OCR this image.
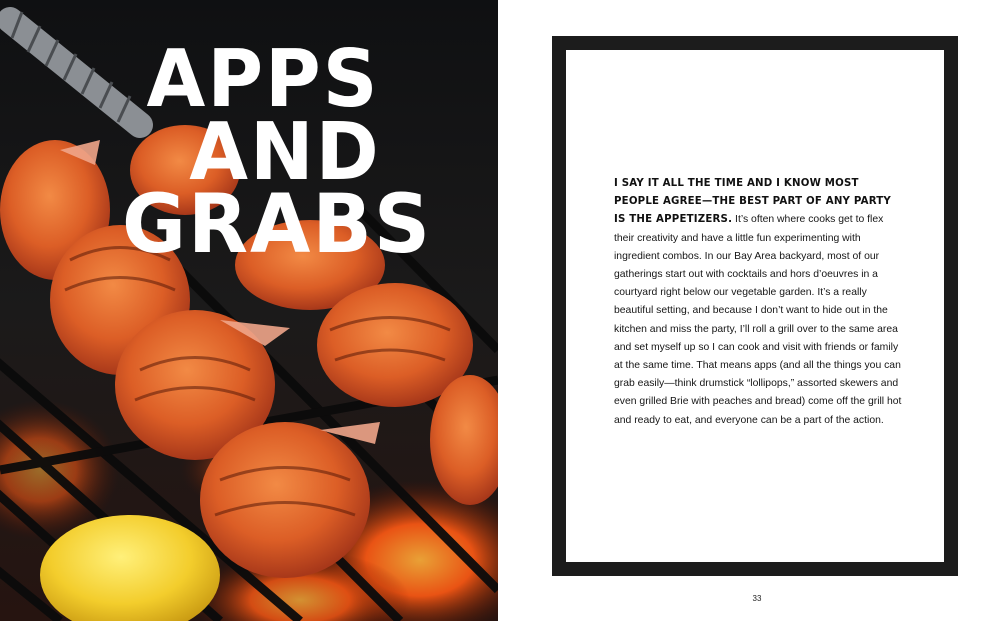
APPS
AND
GRABS	I SAY IT ALL THE TIME AND I KNOW MOST PEOPLE AGREE—THE BEST PART OF ANY PARTY IS THE APPETIZERS. It’s often where cooks get to flex their creativity and have a little fun experimenting with ingredient combos. In our Bay Area backyard, most of our gatherings start out with cocktails and hors d’oeuvres in a courtyard right below our vegetable garden. It’s a really beautiful setting, and because I don’t want to hide out in the kitchen and miss the party, I’ll roll a grill over to the same area and set myself up so I can cook and visit with friends or family at the same time. That means apps (and all the things you can grab easily—think drumstick “lollipops,” assorted skewers and even grilled Brie with peaches and bread) come off the grill hot and ready to eat, and everyone can be a part of the action.

33
